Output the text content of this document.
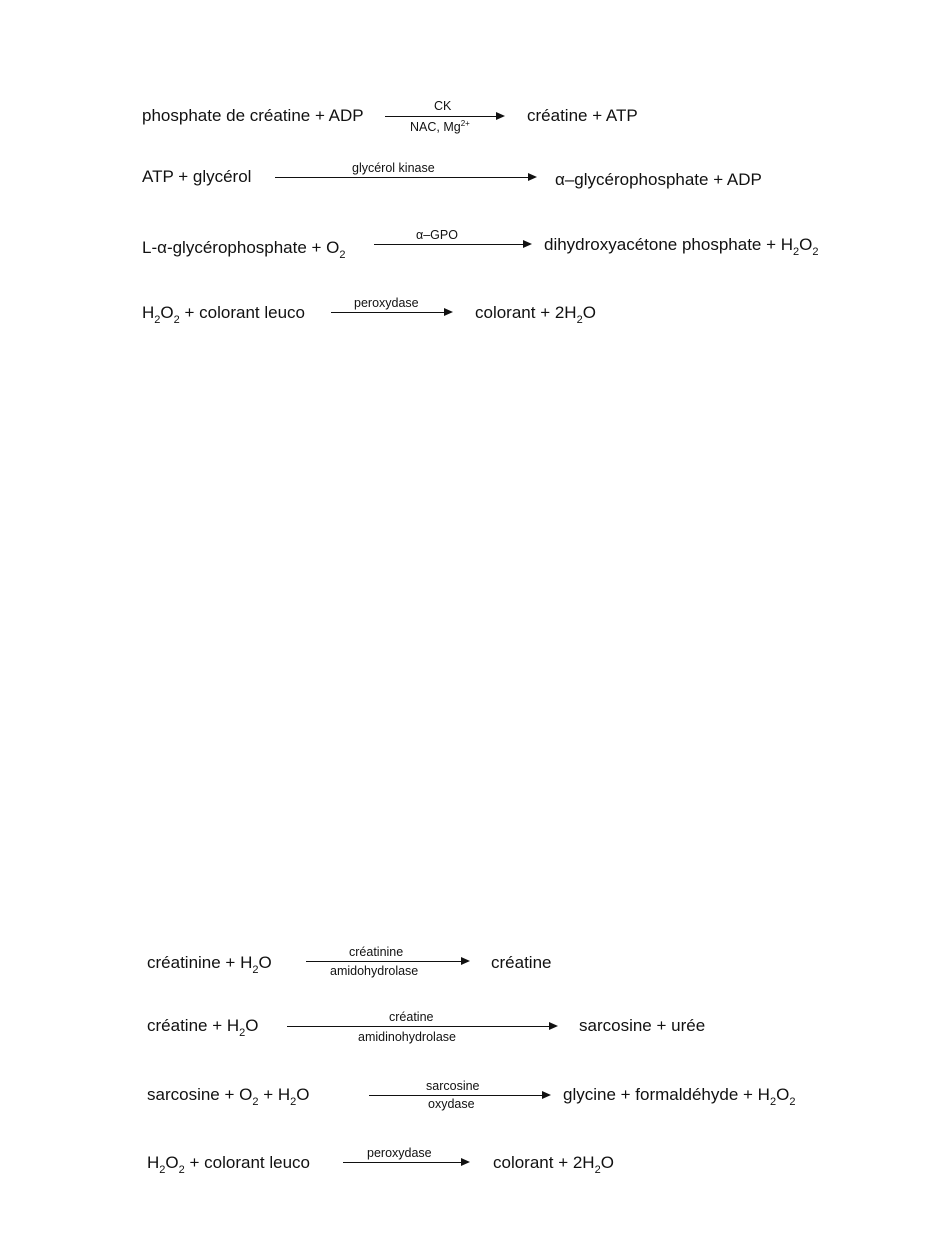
phosphate de créatine + ADP	CK
NAC, $Mg^{2+}$	créatine + ATP
ATP + glycérol	glycérol kinase
α–glycérophosphate + ADP
L-α-glycérophosphate + $O_2$
α–GPO	dihydroxyacétone phosphate + $H_2O_2$
$H_2O_2$ + colorant leuco	peroxydase	colorant + $2H_2O$
créatinine + $H_2O$
créatinine
amidohydrolase	créatine
créatine + $H_2O$	créatine
amidinohydrolase
sarcosine + urée
sarcosine + $O_2 + H_2O$	sarcosine
oxydase	glycine + formaldéhyde + $H_2O_2$
$H_2O_2$ + colorant leuco	peroxydase	colorant + $2H_2O$
